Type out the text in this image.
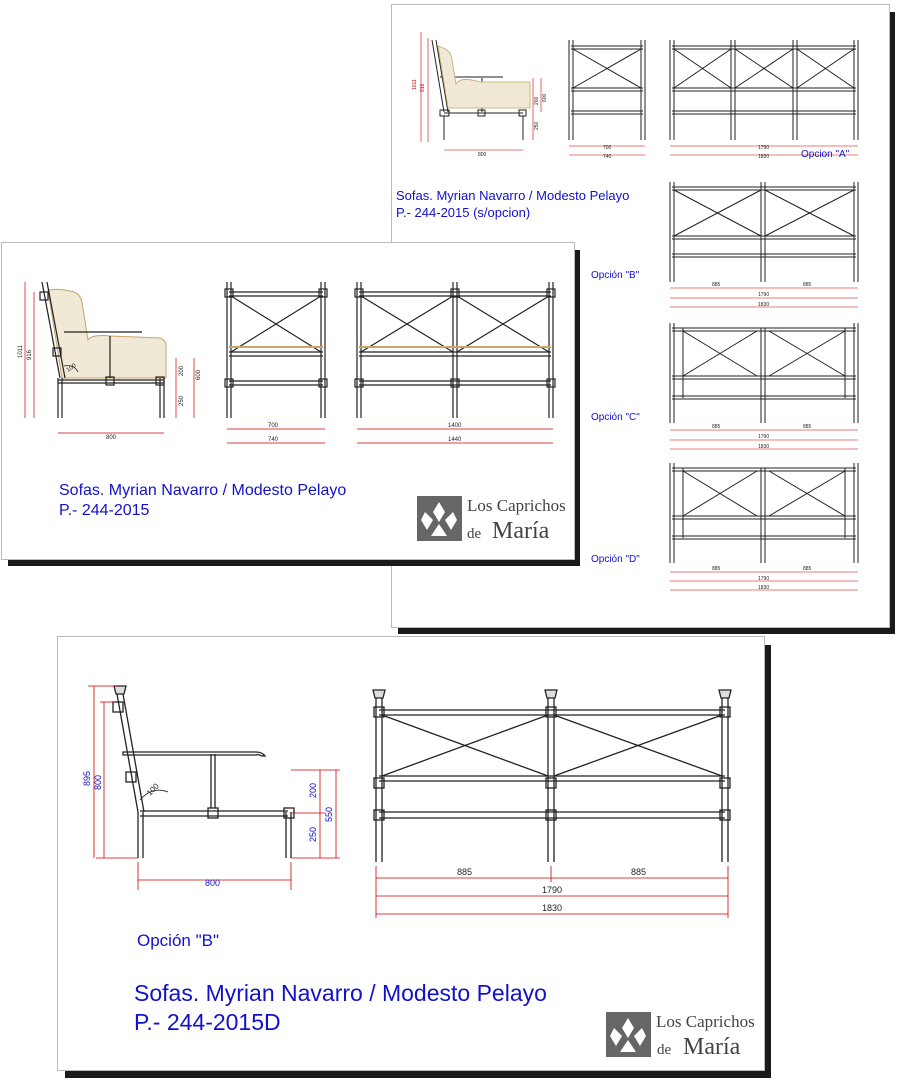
1011 916
800
200 600
250
700
740
1790
1830
885	885
1790
1830
885	885
1790
1830
885	885
1790
1830
Opcion "A"
Sofas. Myrian Navarro / Modesto Pelayo
P.- 244-2015 (s/opcion)
Opción "B"
Opción "C"
Opción "D"
100
1011 916
800
200
250
600
700
740
1400
1440
Sofas. Myrian Navarro / Modesto Pelayo
P.- 244-2015	Los Caprichos
de María
100
895 800
800
200
250
550
885	885
1790
1830
Opción "B"
Sofas. Myrian Navarro / Modesto Pelayo
P.- 244-2015D	Los Caprichos
de María
